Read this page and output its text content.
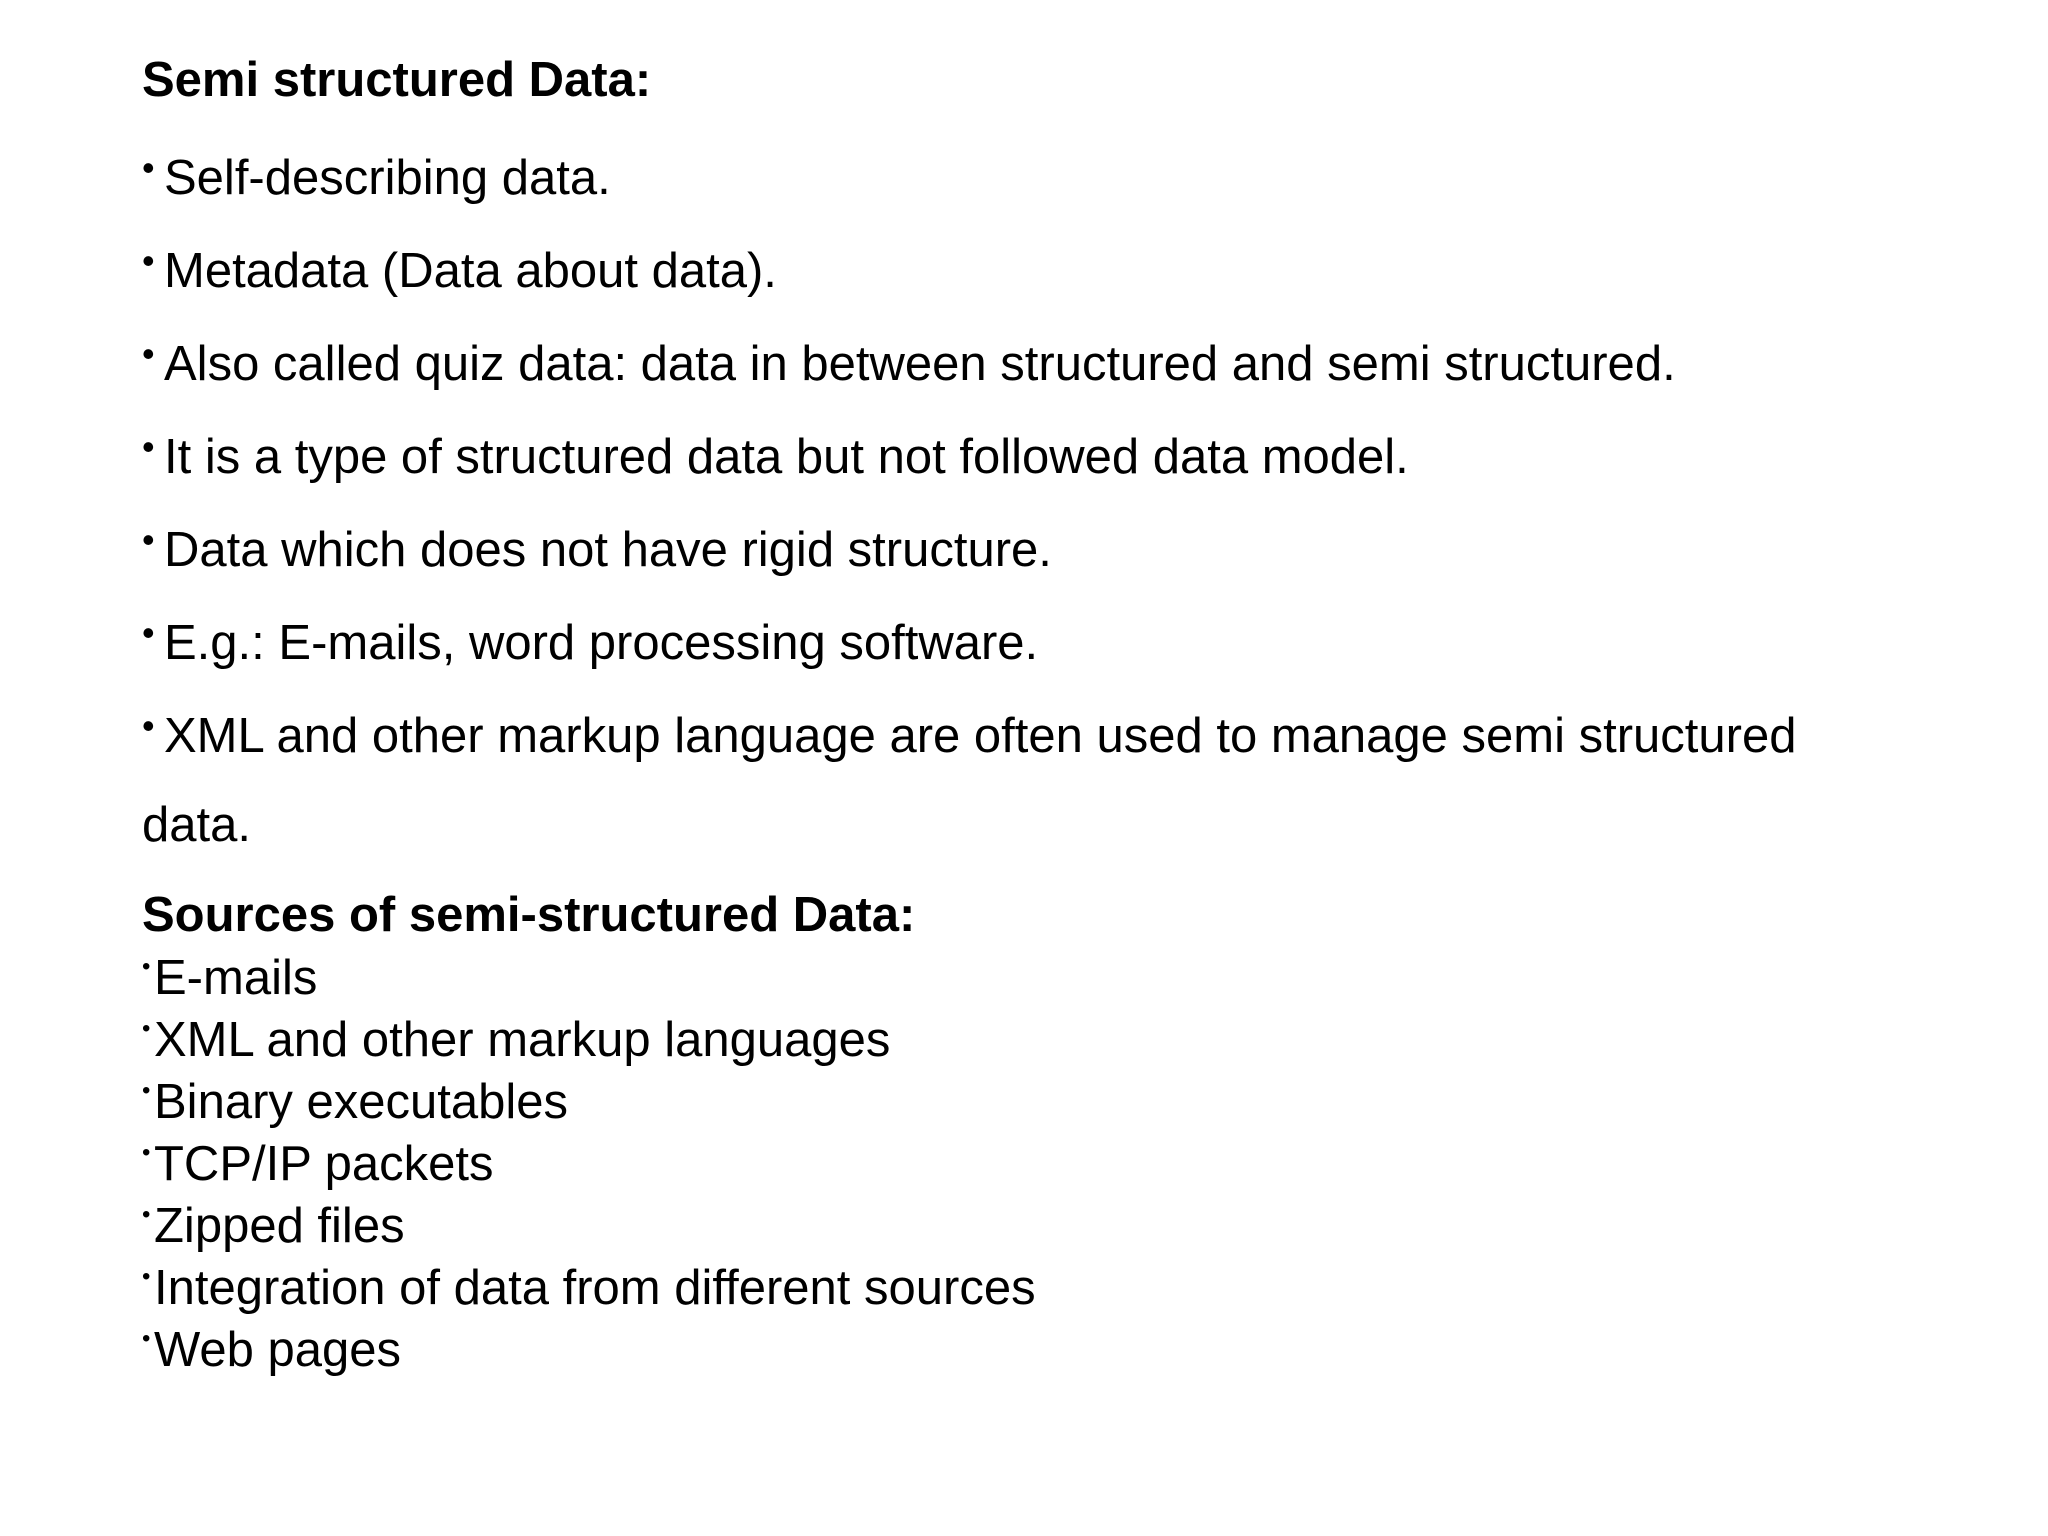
Semi structured Data:
• Self-describing data.
• Metadata (Data about data).
• Also called quiz data: data in between structured and semi structured.
• It is a type of structured data but not followed data model.
• Data which does not have rigid structure.
• E.g.: E-mails, word processing software.
• XML and other markup language are often used to manage semi structured
data.
Sources of semi-structured Data:
•E-mails
•XML and other markup languages
•Binary executables
•TCP/IP packets
•Zipped files
•Integration of data from different sources
•Web pages
